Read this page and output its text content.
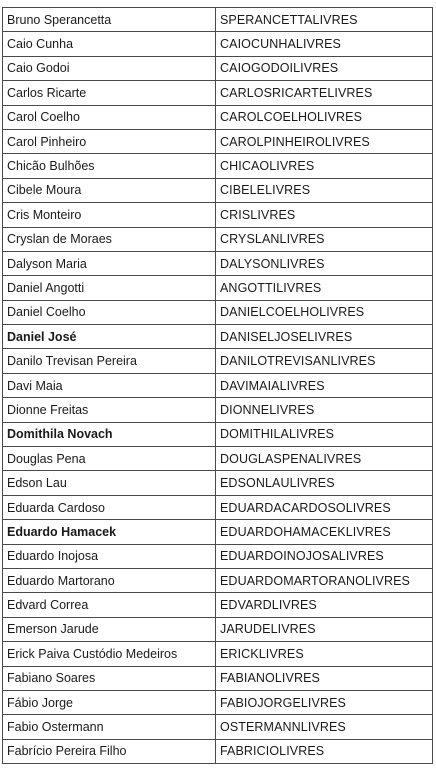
Bruno Sperancetta	SPERANCETTALIVRES
Caio Cunha	CAIOCUNHALIVRES
Caio Godoi	CAIOGODOILIVRES
Carlos Ricarte	CARLOSRICARTELIVRES
Carol Coelho	CAROLCOELHOLIVRES
Carol Pinheiro	CAROLPINHEIROLIVRES
Chicão Bulhões	CHICAOLIVRES
Cibele Moura	CIBELELIVRES
Cris Monteiro	CRISLIVRES
Cryslan de Moraes	CRYSLANLIVRES
Dalyson Maria	DALYSONLIVRES
Daniel Angotti	ANGOTTILIVRES
Daniel Coelho	DANIELCOELHOLIVRES
Daniel José	DANISELJOSELIVRES
Danilo Trevisan Pereira	DANILOTREVISANLIVRES
Davi Maia	DAVIMAIALIVRES
Dionne Freitas	DIONNELIVRES
Domithila Novach	DOMITHILALIVRES
Douglas Pena	DOUGLASPENALIVRES
Edson Lau	EDSONLAULIVRES
Eduarda Cardoso	EDUARDACARDOSOLIVRES
Eduardo Hamacek	EDUARDOHAMACEKLIVRES
Eduardo Inojosa	EDUARDOINOJOSALIVRES
Eduardo Martorano	EDUARDOMARTORANOLIVRES
Edvard Correa	EDVARDLIVRES
Emerson Jarude	JARUDELIVRES
Erick Paiva Custódio Medeiros	ERICKLIVRES
Fabiano Soares	FABIANOLIVRES
Fábio Jorge	FABIOJORGELIVRES
Fabio Ostermann	OSTERMANNLIVRES
Fabrício Pereira Filho	FABRICIOLIVRES
